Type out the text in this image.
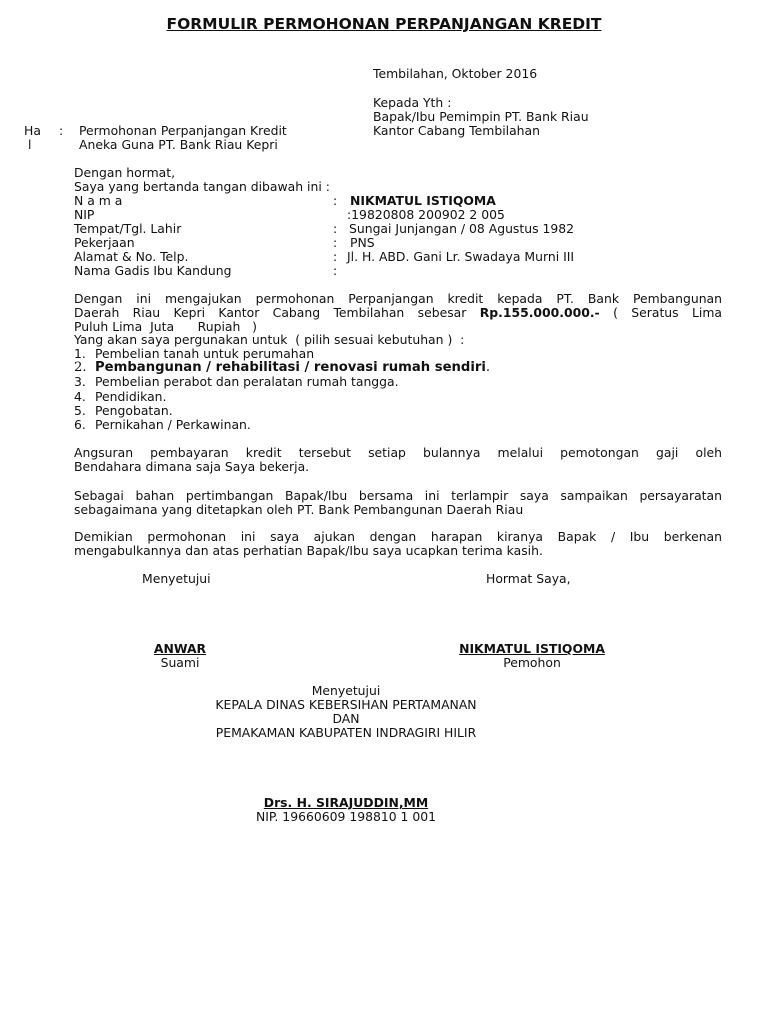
FORMULIR PERMOHONAN PERPANJANGAN KREDIT
Tembilahan, Oktober 2016
Kepada Yth :
Bapak/Ibu Pemimpin PT. Bank Riau
Kantor Cabang Tembilahan
Ha
l
: Permohonan Perpanjangan Kredit
Aneka Guna PT. Bank Riau Kepri
Dengan hormat,
Saya yang bertanda tangan dibawah ini :
N a m a	: NIKMATUL ISTIQOMA
NIP	:19820808 200902 2 005
Tempat/Tgl. Lahir	: Sungai Junjangan / 08 Agustus 1982
Pekerjaan	: PNS
Alamat & No. Telp.	: Jl. H. ABD. Gani Lr. Swadaya Murni III
Nama Gadis Ibu Kandung	:
Dengan ini mengajukan permohonan Perpanjangan kredit kepada PT. Bank Pembangunan
Daerah Riau Kepri Kantor Cabang Tembilahan sebesar Rp.155.000.000.- ( Seratus Lima
Puluh Lima  Juta      Rupiah   )
Yang akan saya pergunakan untuk  ( pilih sesuai kebutuhan )  :
1. Pembelian tanah untuk perumahan
2. Pembangunan / rehabilitasi / renovasi rumah sendiri.
3. Pembelian perabot dan peralatan rumah tangga.
4. Pendidikan.
5. Pengobatan.
6. Pernikahan / Perkawinan.
Angsuran pembayaran kredit tersebut setiap bulannya melalui pemotongan gaji oleh
Bendahara dimana saja Saya bekerja.
Sebagai bahan pertimbangan Bapak/Ibu bersama ini terlampir saya sampaikan persayaratan
sebagaimana yang ditetapkan oleh PT. Bank Pembangunan Daerah Riau
Demikian permohonan ini saya ajukan dengan harapan kiranya Bapak / Ibu berkenan
mengabulkannya dan atas perhatian Bapak/Ibu saya ucapkan terima kasih.
Menyetujui	Hormat Saya,
ANWAR
Suami
NIKMATUL ISTIQOMA
Pemohon
Menyetujui
KEPALA DINAS KEBERSIHAN PERTAMANAN
DAN
PEMAKAMAN KABUPATEN INDRAGIRI HILIR
Drs. H. SIRAJUDDIN,MM
NIP. 19660609 198810 1 001
